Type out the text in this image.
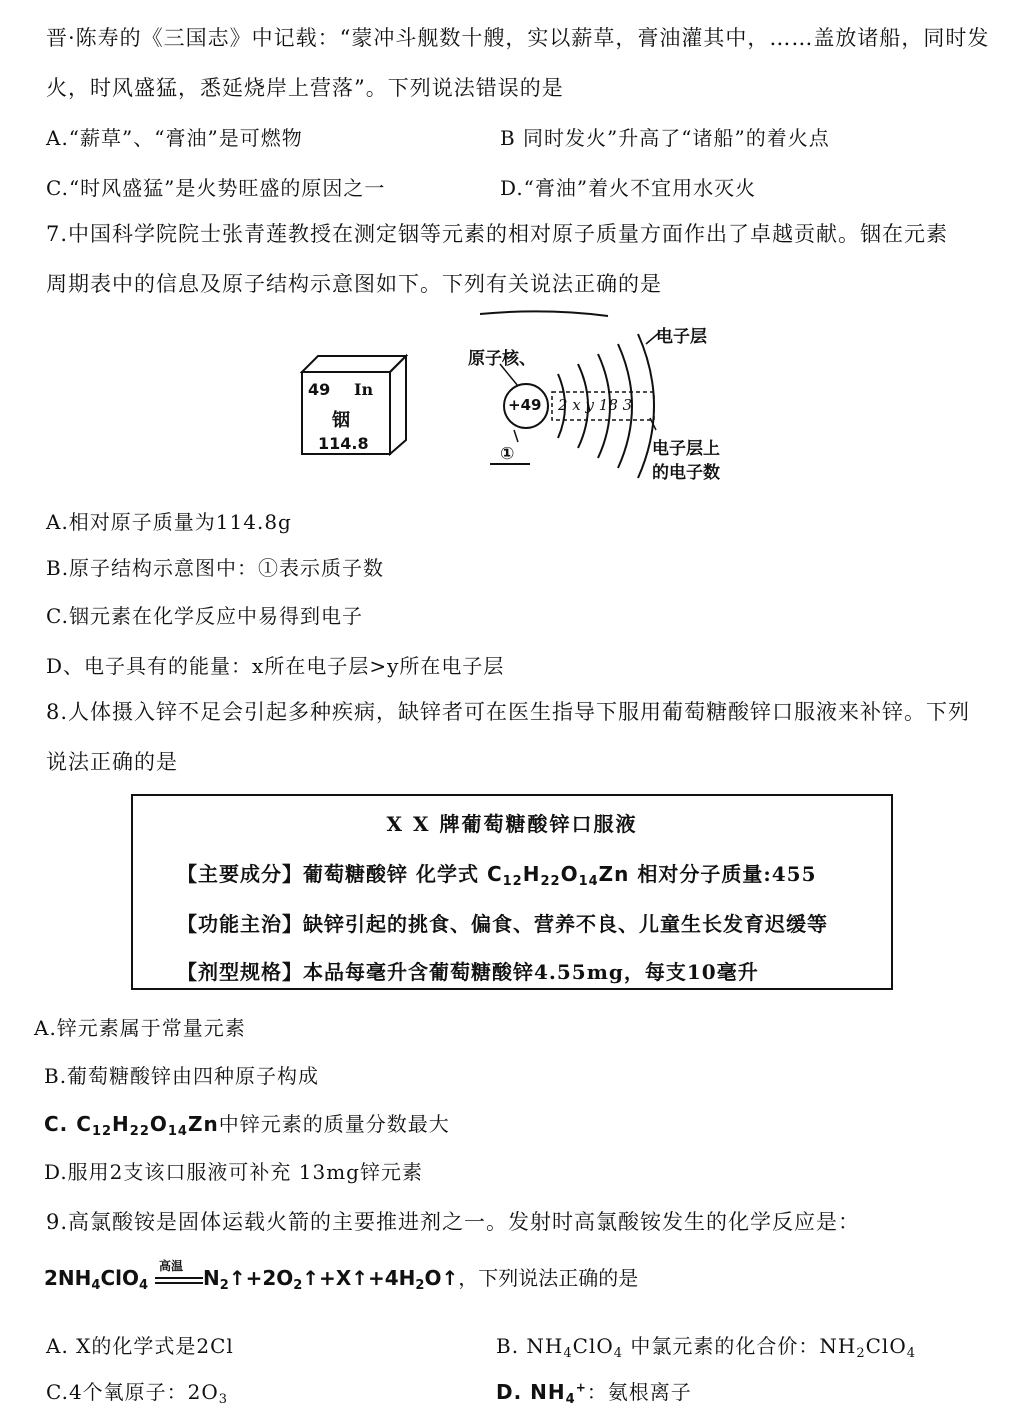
晋·陈寿的《三国志》中记载：“蒙冲斗舰数十艘，实以薪草，膏油灌其中，……盖放诸船，同时发
火，时风盛猛，悉延烧岸上营落”。下列说法错误的是
A.“薪草”、“膏油”是可燃物	B 同时发火”升高了“诸船”的着火点
C.“时风盛猛”是火势旺盛的原因之一	D.“膏油”着火不宜用水灭火
7.中国科学院院士张青莲教授在测定铟等元素的相对原子质量方面作出了卓越贡献。铟在元素
周期表中的信息及原子结构示意图如下。下列有关说法正确的是
49 In
铟
114.8
原子核、
+49 2 x y 18 3
①
电子层
电子层上
的电子数
A.相对原子质量为114.8g
B.原子结构示意图中：①表示质子数
C.铟元素在化学反应中易得到电子
D、电子具有的能量：x所在电子层>y所在电子层
8.人体摄入锌不足会引起多种疾病，缺锌者可在医生指导下服用葡萄糖酸锌口服液来补锌。下列
说法正确的是
X X 牌葡萄糖酸锌口服液
【主要成分】葡萄糖酸锌 化学式 $C_{12}H_{22}O_{14}Zn$ 相对分子质量:455
【功能主治】缺锌引起的挑食、偏食、营养不良、儿童生长发育迟缓等
【剂型规格】本品每毫升含葡萄糖酸锌4.55mg，每支10毫升
A.锌元素属于常量元素
B.葡萄糖酸锌由四种原子构成
C. $C_{12}H_{22}O_{14}Zn$中锌元素的质量分数最大
D.服用2支该口服液可补充 13mg锌元素
9.高氯酸铵是固体运载火箭的主要推进剂之一。发射时高氯酸铵发生的化学反应是：
$2NH_4ClO_4$
高温
$N_2↑+2O_2↑+X↑+4H_2O↑$，下列说法正确的是
A. X的化学式是2Cl	B. $NH_4ClO_4$ 中氯元素的化合价：$NH_2ClO_4$
C.4个氧原子：$2O_3$	D. $NH_4^+$：氨根离子
